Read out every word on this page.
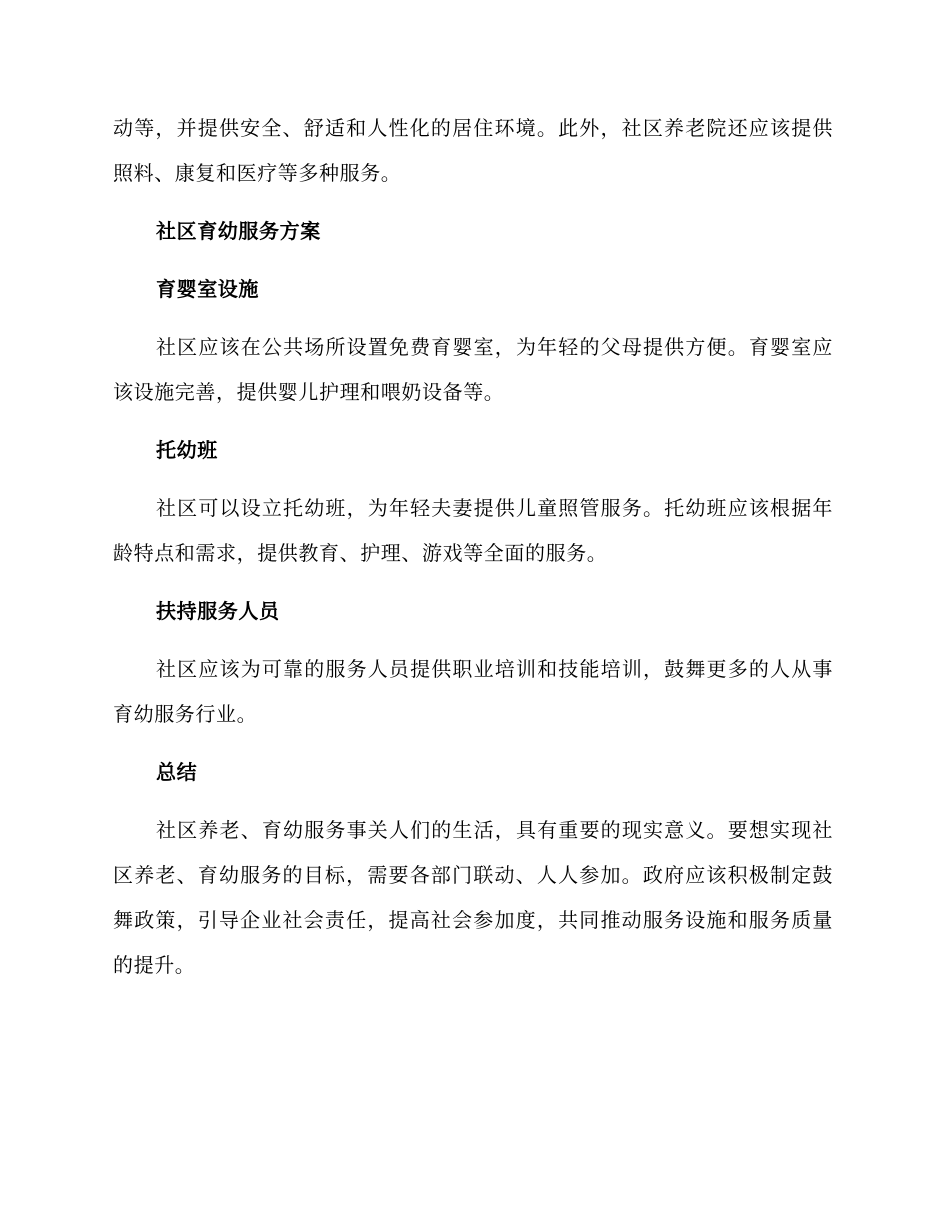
动等，并提供安全、舒适和人性化的居住环境。此外，社区养老院还应该提供照料、康复和医疗等多种服务。

社区育幼服务方案

育婴室设施

社区应该在公共场所设置免费育婴室，为年轻的父母提供方便。育婴室应该设施完善，提供婴儿护理和喂奶设备等。

托幼班

社区可以设立托幼班，为年轻夫妻提供儿童照管服务。托幼班应该根据年龄特点和需求，提供教育、护理、游戏等全面的服务。

扶持服务人员

社区应该为可靠的服务人员提供职业培训和技能培训，鼓舞更多的人从事育幼服务行业。

总结

社区养老、育幼服务事关人们的生活，具有重要的现实意义。要想实现社区养老、育幼服务的目标，需要各部门联动、人人参加。政府应该积极制定鼓舞政策，引导企业社会责任，提高社会参加度，共同推动服务设施和服务质量的提升。
